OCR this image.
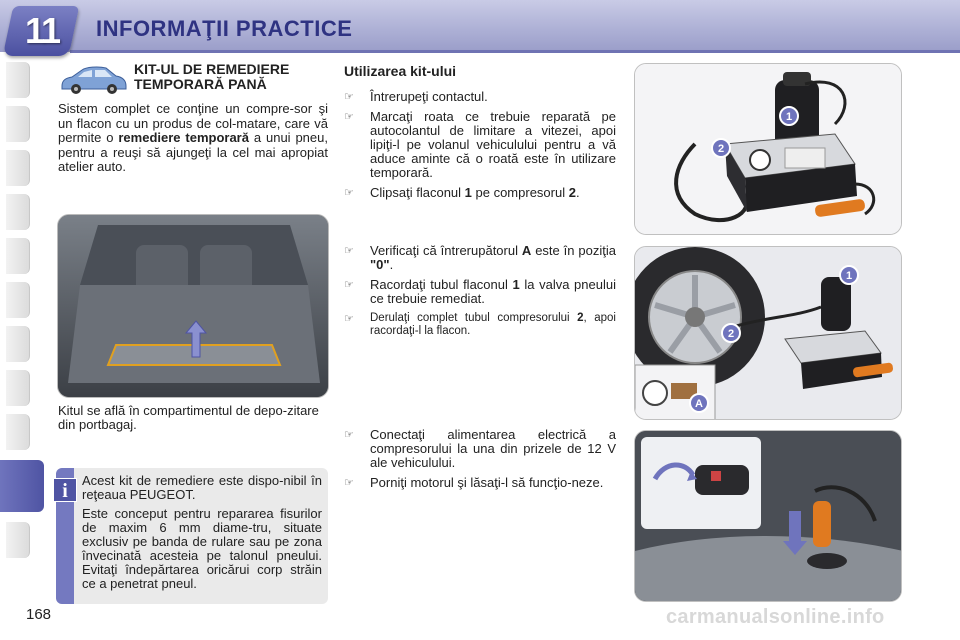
11	INFORMAŢII PRACTICE
KIT-UL DE REMEDIERE
TEMPORARĂ PANĂ
Sistem complet ce conţine un compre-sor şi un flacon cu un produs de col-matare, care vă permite o remediere temporară a unui pneu, pentru a reuşi să ajungeţi la cel mai apropiat atelier auto.
Kitul se află în compartimentul de depo-zitare din portbagaj.
i	Acest kit de remediere este dispo-nibil în reţeaua PEUGEOT.

Este conceput pentru repararea fisurilor de maxim 6 mm diame-tru, situate exclusiv pe banda de rulare sau pe zona învecinată acesteia pe talonul pneului. Evitaţi îndepărtarea oricărui corp străin ce a penetrat pneul.

Utilizarea kit-ului
☞	Întrerupeţi contactul.
☞	Marcaţi roata ce trebuie reparată pe autocolantul de limitare a vitezei, apoi lipiţi-l pe volanul vehiculului pentru a vă aduce aminte că o roată este în utilizare temporară.
☞	Clipsaţi flaconul 1 pe compresorul 2.
☞	Verificaţi că întrerupătorul A este în poziţia "0".
☞	Racordaţi tubul flaconul 1 la valva pneului ce trebuie remediat.
☞	Derulaţi complet tubul compresorului 2, apoi racordaţi-l la flacon.
☞	Conectaţi alimentarea electrică a compresorului la una din prizele de 12 V ale vehiculului.
☞	Porniţi motorul şi lăsaţi-l să funcţio-neze.
1
2
1
2
A
168	carmanualsonline.info
